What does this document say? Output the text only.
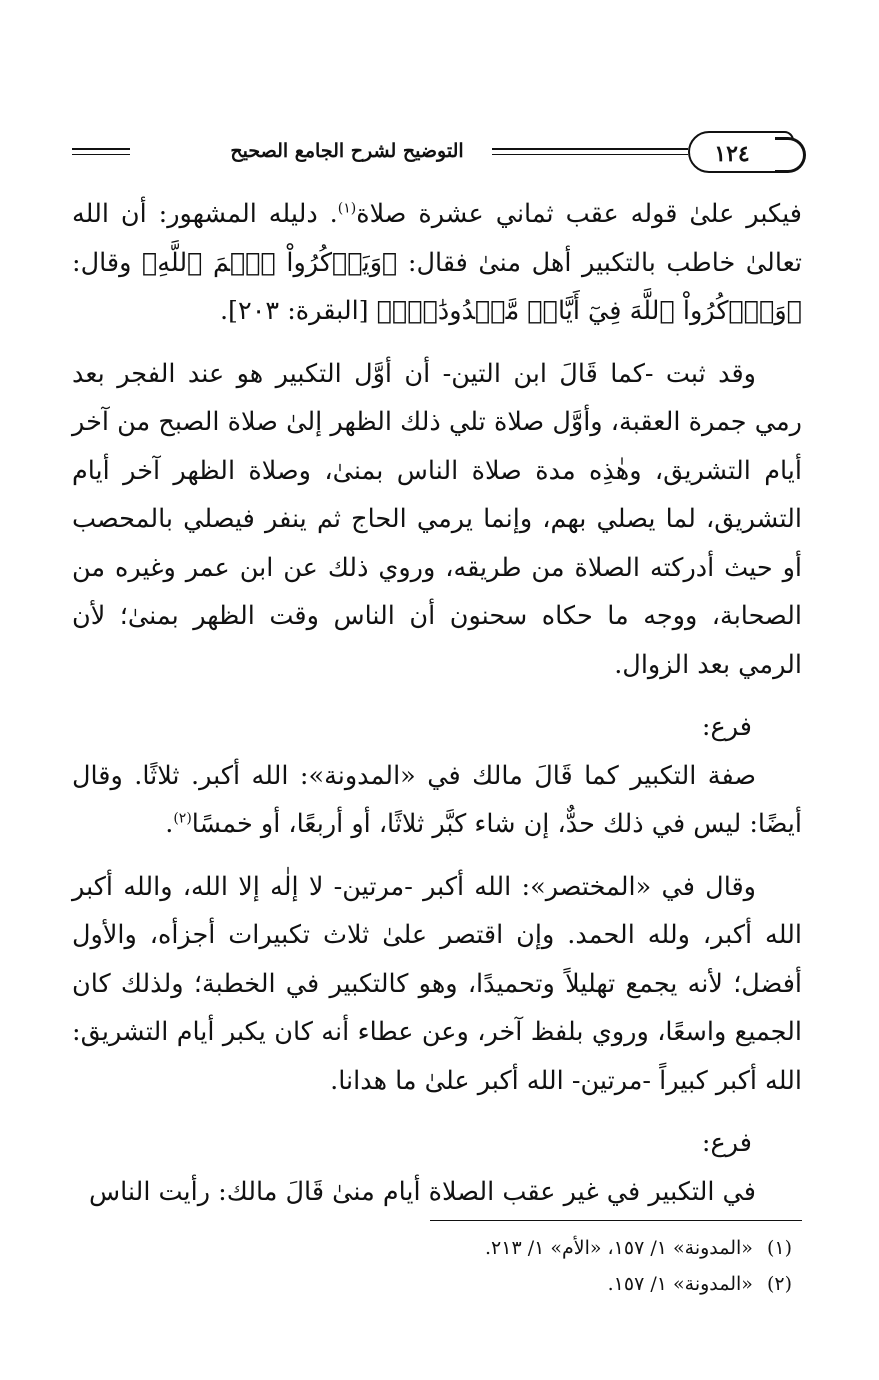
التوضيح لشرح الجامع الصحيح	١٢٤

فيكبر علىٰ قوله عقب ثماني عشرة صلاة$^{(١)}$. دليله المشهور: أن الله تعالىٰ خاطب بالتكبير أهل منىٰ فقال: ﴿وَيَذۡكُرُواْ ٱسۡمَ ٱللَّهِ﴾ وقال: ﴿وَٱذۡكُرُواْ ٱللَّهَ فِيٓ أَيَّامٖ مَّعۡدُودَٰتٖۚ﴾ [البقرة: ٢٠٣].

وقد ثبت -كما قَالَ ابن التين- أن أوَّل التكبير هو عند الفجر بعد رمي جمرة العقبة، وأوَّل صلاة تلي ذلك الظهر إلىٰ صلاة الصبح من آخر أيام التشريق، وهٰذِه مدة صلاة الناس بمنىٰ، وصلاة الظهر آخر أيام التشريق، لما يصلي بهم، وإنما يرمي الحاج ثم ينفر فيصلي بالمحصب أو حيث أدركته الصلاة من طريقه، وروي ذلك عن ابن عمر وغيره من الصحابة، ووجه ما حكاه سحنون أن الناس وقت الظهر بمنىٰ؛ لأن الرمي بعد الزوال.

فرع:

صفة التكبير كما قَالَ مالك في «المدونة»: الله أكبر. ثلاثًا. وقال أيضًا: ليس في ذلك حدٌّ، إن شاء كبَّر ثلاثًا، أو أربعًا، أو خمسًا$^{(٢)}$.

وقال في «المختصر»: الله أكبر -مرتين- لا إلٰه إلا الله، والله أكبر الله أكبر، ولله الحمد. وإن اقتصر علىٰ ثلاث تكبيرات أجزأه، والأول أفضل؛ لأنه يجمع تهليلاً وتحميدًا، وهو كالتكبير في الخطبة؛ ولذلك كان الجميع واسعًا، وروي بلفظ آخر، وعن عطاء أنه كان يكبر أيام التشريق: الله أكبر كبيراً -مرتين- الله أكبر علىٰ ما هدانا.

فرع:

في التكبير في غير عقب الصلاة أيام منىٰ قَالَ مالك: رأيت الناس

(١)
«المدونة» ١/ ١٥٧، «الأم» ١/ ٢١٣.
(٢)
«المدونة» ١/ ١٥٧.
